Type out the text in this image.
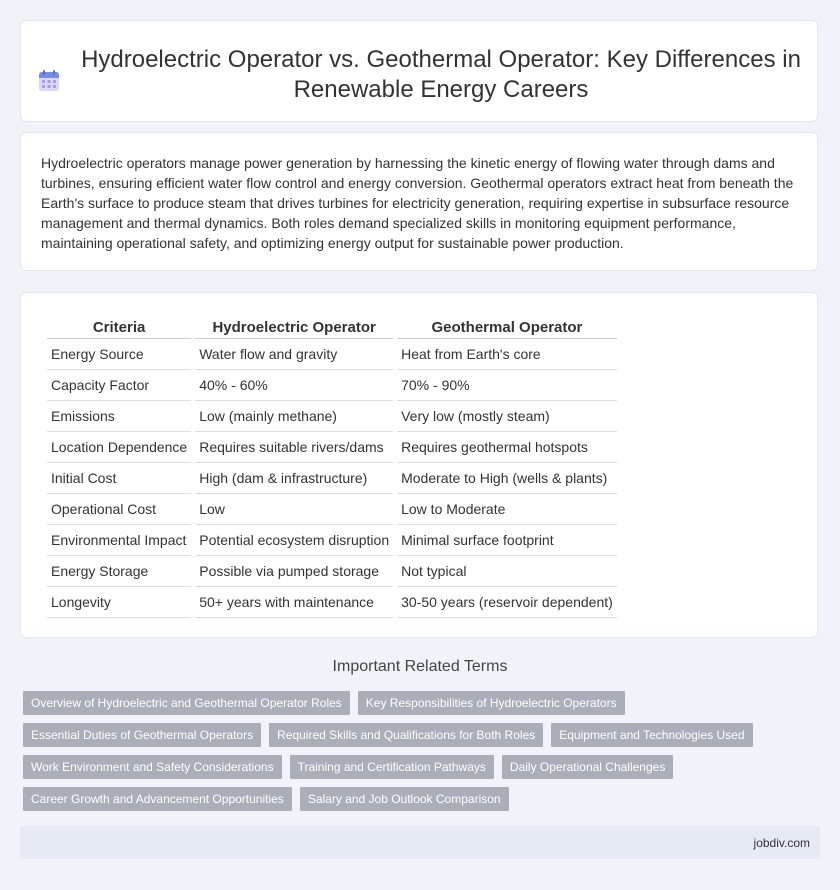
Hydroelectric Operator vs. Geothermal Operator: Key Differences in Renewable Energy Careers

Hydroelectric operators manage power generation by harnessing the kinetic energy of flowing water through dams and turbines, ensuring efficient water flow control and energy conversion. Geothermal operators extract heat from beneath the Earth's surface to produce steam that drives turbines for electricity generation, requiring expertise in subsurface resource management and thermal dynamics. Both roles demand specialized skills in monitoring equipment performance, maintaining operational safety, and optimizing energy output for sustainable power production.

Criteria	Hydroelectric Operator	Geothermal Operator
Energy Source	Water flow and gravity	Heat from Earth's core
Capacity Factor	40% - 60%	70% - 90%
Emissions	Low (mainly methane)	Very low (mostly steam)
Location Dependence	Requires suitable rivers/dams	Requires geothermal hotspots
Initial Cost	High (dam & infrastructure)	Moderate to High (wells & plants)
Operational Cost	Low	Low to Moderate
Environmental Impact	Potential ecosystem disruption	Minimal surface footprint
Energy Storage	Possible via pumped storage	Not typical
Longevity	50+ years with maintenance	30-50 years (reservoir dependent)
Important Related Terms
Overview of Hydroelectric and Geothermal Operator Roles	Key Responsibilities of Hydroelectric Operators
Essential Duties of Geothermal Operators	Required Skills and Qualifications for Both Roles	Equipment and Technologies Used
Work Environment and Safety Considerations	Training and Certification Pathways	Daily Operational Challenges
Career Growth and Advancement Opportunities	Salary and Job Outlook Comparison
jobdiv.com
